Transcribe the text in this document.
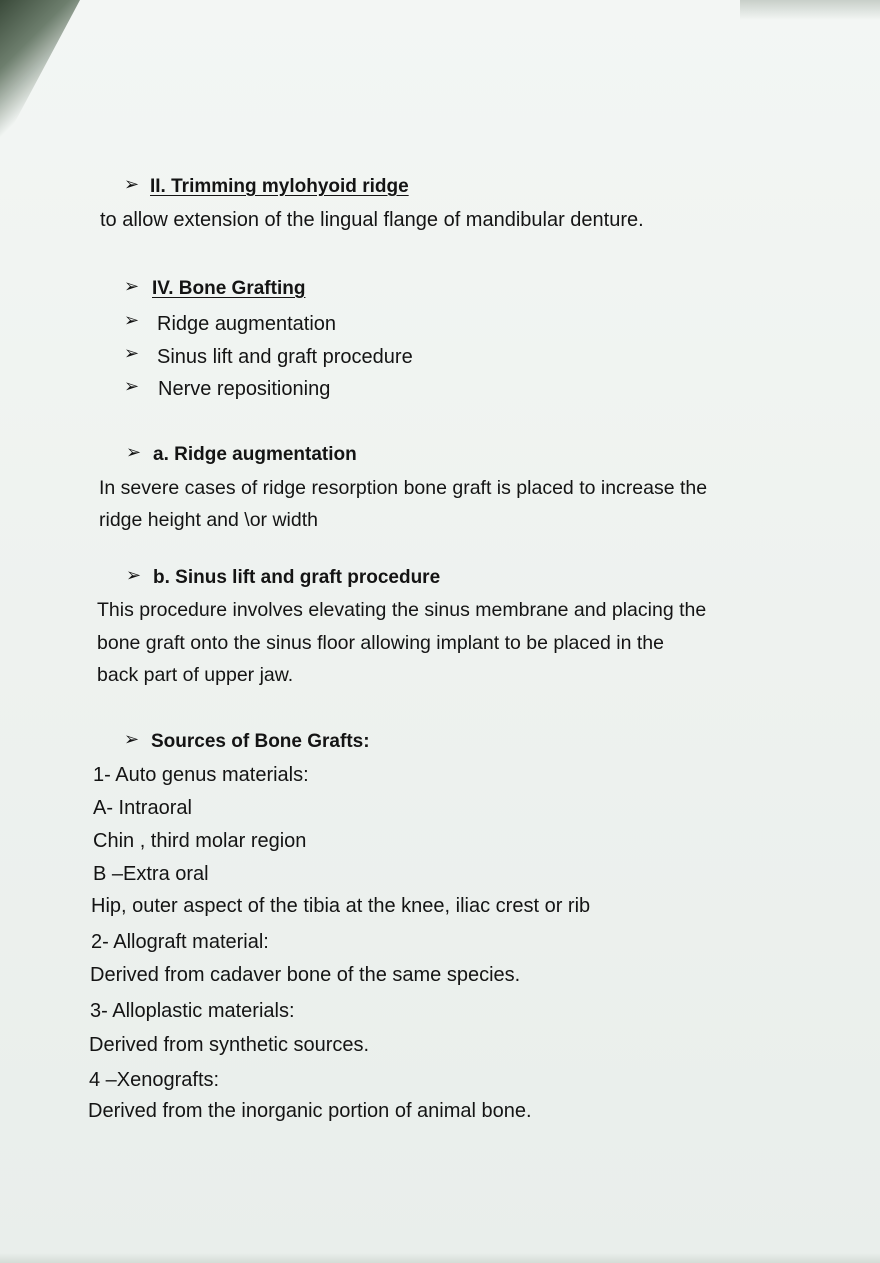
➢ II. Trimming mylohyoid ridge
to allow extension of the lingual flange of mandibular denture.
➢ IV. Bone Grafting
➢ Ridge augmentation
➢ Sinus lift and graft procedure
➢ Nerve repositioning
➢ a. Ridge augmentation
In severe cases of ridge resorption bone graft is placed to increase the
ridge height and \or width
➢ b. Sinus lift and graft procedure
This procedure involves elevating the sinus membrane and placing the
bone graft onto the sinus floor allowing implant to be placed in the
back part of upper jaw.
➢ Sources of Bone Grafts:
1- Auto genus materials:
A- Intraoral
Chin , third molar region
B –Extra oral
Hip, outer aspect of the tibia at the knee, iliac crest or rib
2- Allograft material:
Derived from cadaver bone of the same species.
3- Alloplastic materials:
Derived from synthetic sources.
4 –Xenografts:
Derived from the inorganic portion of animal bone.
